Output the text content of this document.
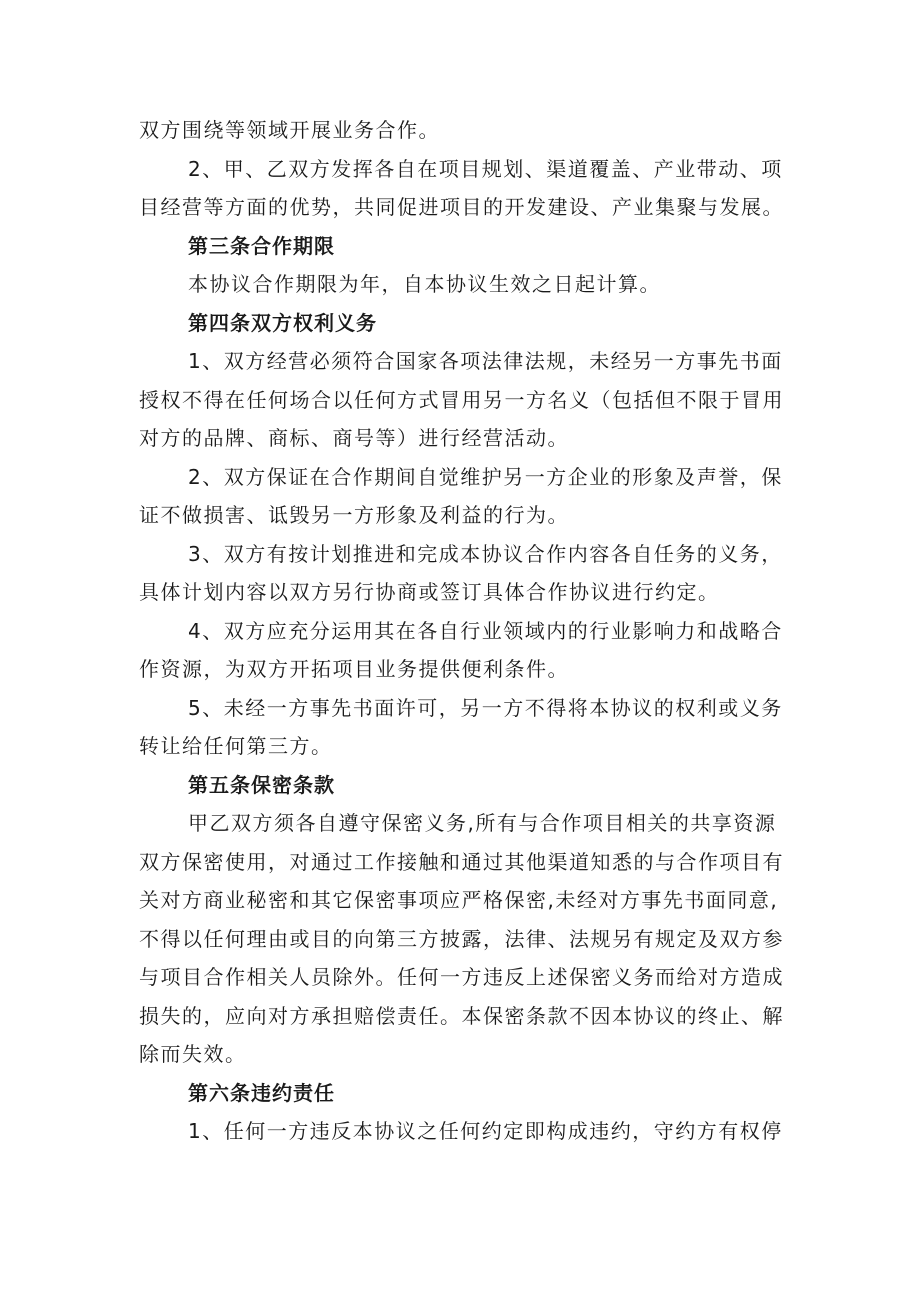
双方围绕等领域开展业务合作。
2、甲、乙双方发挥各自在项目规划、渠道覆盖、产业带动、项
目经营等方面的优势，共同促进项目的开发建设、产业集聚与发展。
第三条合作期限
本协议合作期限为年，自本协议生效之日起计算。
第四条双方权利义务
1、双方经营必须符合国家各项法律法规，未经另一方事先书面
授权不得在任何场合以任何方式冒用另一方名义（包括但不限于冒用
对方的品牌、商标、商号等）进行经营活动。
2、双方保证在合作期间自觉维护另一方企业的形象及声誉，保
证不做损害、诋毁另一方形象及利益的行为。
3、双方有按计划推进和完成本协议合作内容各自任务的义务，
具体计划内容以双方另行协商或签订具体合作协议进行约定。
4、双方应充分运用其在各自行业领域内的行业影响力和战略合
作资源，为双方开拓项目业务提供便利条件。
5、未经一方事先书面许可，另一方不得将本协议的权利或义务
转让给任何第三方。
第五条保密条款
甲乙双方须各自遵守保密义务,所有与合作项目相关的共享资源
双方保密使用，对通过工作接触和通过其他渠道知悉的与合作项目有
关对方商业秘密和其它保密事项应严格保密,未经对方事先书面同意,
不得以任何理由或目的向第三方披露，法律、法规另有规定及双方参
与项目合作相关人员除外。任何一方违反上述保密义务而给对方造成
损失的，应向对方承担赔偿责任。本保密条款不因本协议的终止、解
除而失效。
第六条违约责任
1、任何一方违反本协议之任何约定即构成违约，守约方有权停
